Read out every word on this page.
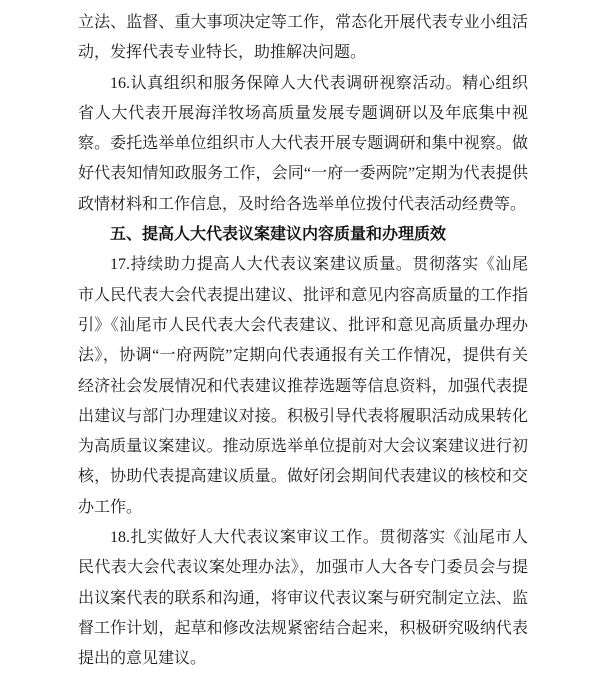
立法、监督、重大事项决定等工作，常态化开展代表专业小组活动，发挥代表专业特长，助推解决问题。

16.认真组织和服务保障人大代表调研视察活动。精心组织省人大代表开展海洋牧场高质量发展专题调研以及年底集中视察。委托选举单位组织市人大代表开展专题调研和集中视察。做好代表知情知政服务工作，会同“一府一委两院”定期为代表提供政情材料和工作信息，及时给各选举单位拨付代表活动经费等。

五、提高人大代表议案建议内容质量和办理质效

17.持续助力提高人大代表议案建议质量。贯彻落实《汕尾市人民代表大会代表提出建议、批评和意见内容高质量的工作指引》《汕尾市人民代表大会代表建议、批评和意见高质量办理办法》，协调“一府两院”定期向代表通报有关工作情况，提供有关经济社会发展情况和代表建议推荐选题等信息资料，加强代表提出建议与部门办理建议对接。积极引导代表将履职活动成果转化为高质量议案建议。推动原选举单位提前对大会议案建议进行初核，协助代表提高建议质量。做好闭会期间代表建议的核校和交办工作。

18.扎实做好人大代表议案审议工作。贯彻落实《汕尾市人民代表大会代表议案处理办法》，加强市人大各专门委员会与提出议案代表的联系和沟通，将审议代表议案与研究制定立法、监督工作计划，起草和修改法规紧密结合起来，积极研究吸纳代表提出的意见建议。
